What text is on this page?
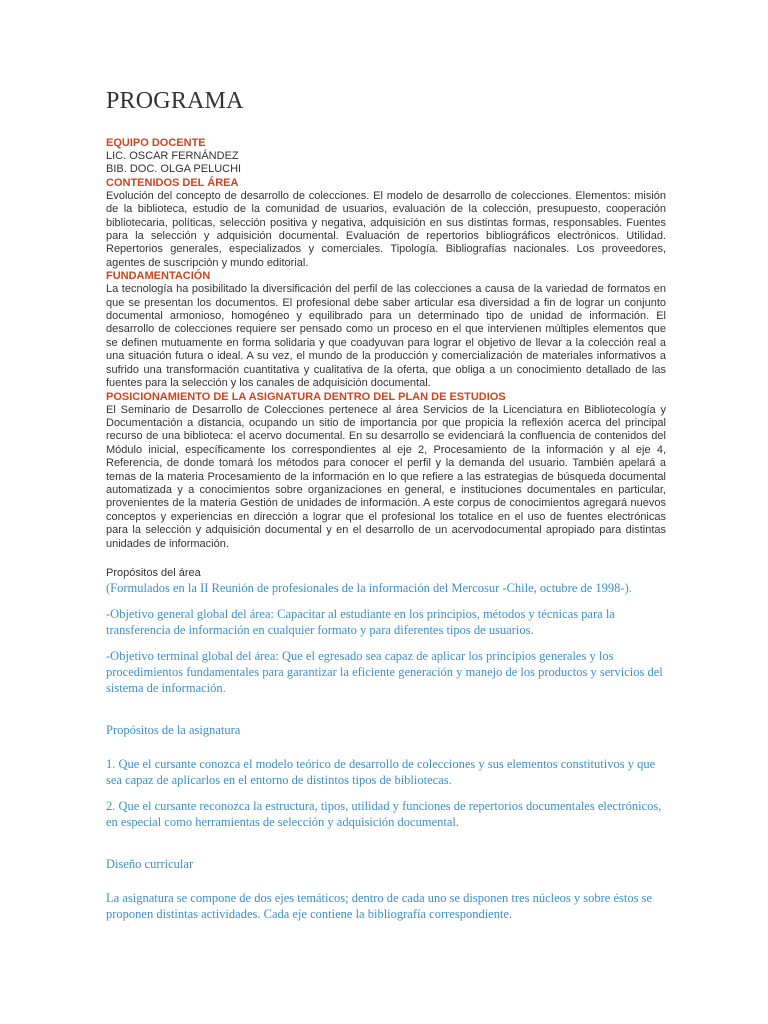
PROGRAMA

EQUIPO DOCENTE

LIC. OSCAR FERNÁNDEZ

BIB. DOC. OLGA PELUCHI

CONTENIDOS DEL ÁREA

Evolución del concepto de desarrollo de colecciones. El modelo de desarrollo de colecciones. Elementos: misión de la biblioteca, estudio de la comunidad de usuarios, evaluación de la colección, presupuesto, cooperación bibliotecaria, políticas, selección positiva y negativa, adquisición en sus distintas formas, responsables. Fuentes para la selección y adquisición documental. Evaluación de repertorios bibliográficos electrónicos. Utilidad. Repertorios generales, especializados y comerciales. Tipología. Bibliografías nacionales. Los proveedores, agentes de suscripción y mundo editorial.

FUNDAMENTACIÓN

La tecnología ha posibilitado la diversificación del perfil de las colecciones a causa de la variedad de formatos en que se presentan los documentos. El profesional debe saber articular esa diversidad a fin de lograr un conjunto documental armonioso, homogéneo y equilibrado para un determinado tipo de unidad de información. El desarrollo de colecciones requiere ser pensado como un proceso en el que intervienen múltiples elementos que se definen mutuamente en forma solidaria y que coadyuvan para lograr el objetivo de llevar a la colección real a una situación futura o ideal. A su vez, el mundo de la producción y comercialización de materiales informativos a sufrido una transformación cuantitativa y cualitativa de la oferta, que obliga a un conocimiento detallado de las fuentes para la selección y los canales de adquisición documental.

POSICIONAMIENTO DE LA ASIGNATURA DENTRO DEL PLAN DE ESTUDIOS

El Seminario de Desarrollo de Colecciones pertenece al área Servicios de la Licenciatura en Bibliotecología y Documentación a distancia, ocupando un sitio de importancia por que propicia la reflexión acerca del principal recurso de una biblioteca: el acervo documental. En su desarrollo se evidenciará la confluencia de contenidos del Módulo inicial, específicamente los correspondientes al eje 2, Procesamiento de la información y al eje 4, Referencia, de donde tomará los métodos para conocer el perfil y la demanda del usuario. También apelará a temas de la materia Procesamiento de la información en lo que refiere a las estrategias de búsqueda documental automatizada y a conocimientos sobre organizaciones en general, e instituciones documentales en particular, provenientes de la materia Gestión de unidades de información. A este corpus de conocimientos agregará nuevos conceptos y experiencias en dirección a lograr que el profesional los totalice en el uso de fuentes electrónicas para la selección y adquisición documental y en el desarrollo de un acervodocumental apropiado para distintas unidades de información.

Propósitos del área

(Formulados en la II Reunión de profesionales de la información del Mercosur -Chile, octubre de 1998-).

-Objetivo general global del área: Capacitar al estudiante en los principios, métodos y técnicas para la transferencia de información en cualquier formato y para diferentes tipos de usuarios.

-Objetivo terminal global del área: Que el egresado sea capaz de aplicar los principios generales y los procedimientos fundamentales para garantizar la eficiente generación y manejo de los productos y servicios del sistema de información.

Propósitos de la asignatura

1. Que el cursante conozca el modelo teórico de desarrollo de colecciones y sus elementos constitutivos y que sea capaz de aplicarlos en el entorno de distintos tipos de bibliotecas.

2. Que el cursante reconozca la estructura, tipos, utilidad y funciones de repertorios documentales electrónicos, en especial como herramientas de selección y adquisición documental.

Diseño curricular

La asignatura se compone de dos ejes temáticos; dentro de cada uno se disponen tres núcleos y sobre éstos se proponen distintas actividades. Cada eje contiene la bibliografía correspondiente.
